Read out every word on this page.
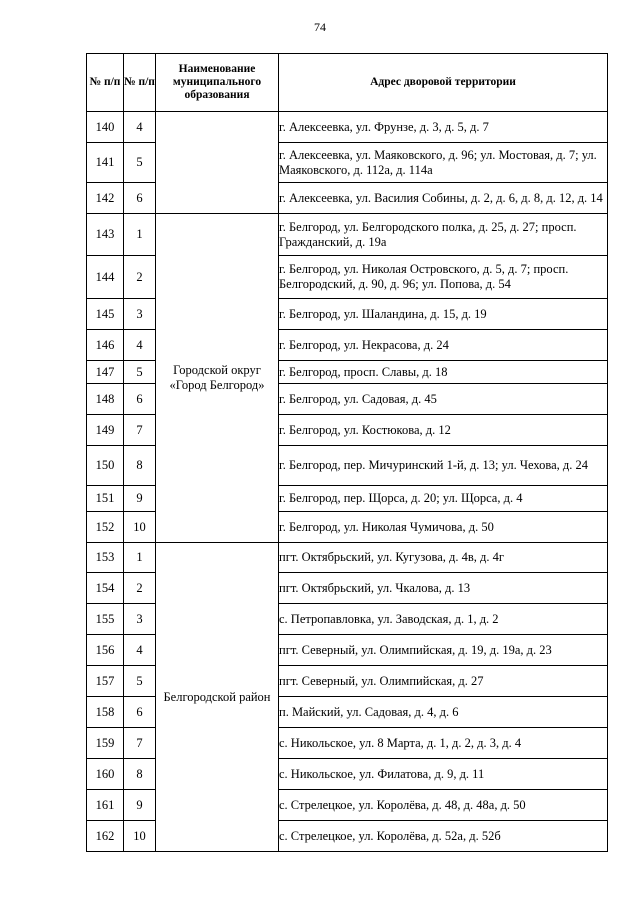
74
№ п/п	№ п/п	Наименование муниципального образования	Адрес дворовой территории
140	4		г. Алексеевка, ул. Фрунзе, д. 3, д. 5, д. 7
141	5		г. Алексеевка, ул. Маяковского, д. 96; ул. Мостовая, д. 7; ул. Маяковского, д. 112а, д. 114а
142	6		г. Алексеевка, ул. Василия Собины, д. 2, д. 6, д. 8, д. 12, д. 14
143	1	Городской округ «Город Белгород»	г. Белгород, ул. Белгородского полка, д. 25, д. 27; просп. Гражданский, д. 19а
144	2		г. Белгород, ул. Николая Островского, д. 5, д. 7; просп. Белгородский, д. 90, д. 96; ул. Попова, д. 54
145	3		г. Белгород, ул. Шаландина, д. 15, д. 19
146	4		г. Белгород, ул. Некрасова, д. 24
147	5		г. Белгород, просп. Славы, д. 18
148	6		г. Белгород, ул. Садовая, д. 45
149	7		г. Белгород, ул. Костюкова, д. 12
150	8		г. Белгород, пер. Мичуринский 1-й, д. 13; ул. Чехова, д. 24
151	9		г. Белгород, пер. Щорса, д. 20; ул. Щорса, д. 4
152	10		г. Белгород, ул. Николая Чумичова, д. 50
153	1	Белгородской район	пгт. Октябрьский, ул. Кугузова, д. 4в, д. 4г
154	2		пгт. Октябрьский, ул. Чкалова, д. 13
155	3		с. Петропавловка, ул. Заводская, д. 1, д. 2
156	4		пгт. Северный, ул. Олимпийская, д. 19, д. 19а, д. 23
157	5		пгт. Северный, ул. Олимпийская, д. 27
158	6		п. Майский, ул. Садовая, д. 4, д. 6
159	7		с. Никольское, ул. 8 Марта, д. 1, д. 2, д. 3, д. 4
160	8		с. Никольское, ул. Филатова, д. 9, д. 11
161	9		с. Стрелецкое, ул. Королёва, д. 48, д. 48а, д. 50
162	10		с. Стрелецкое, ул. Королёва, д. 52а, д. 52б
